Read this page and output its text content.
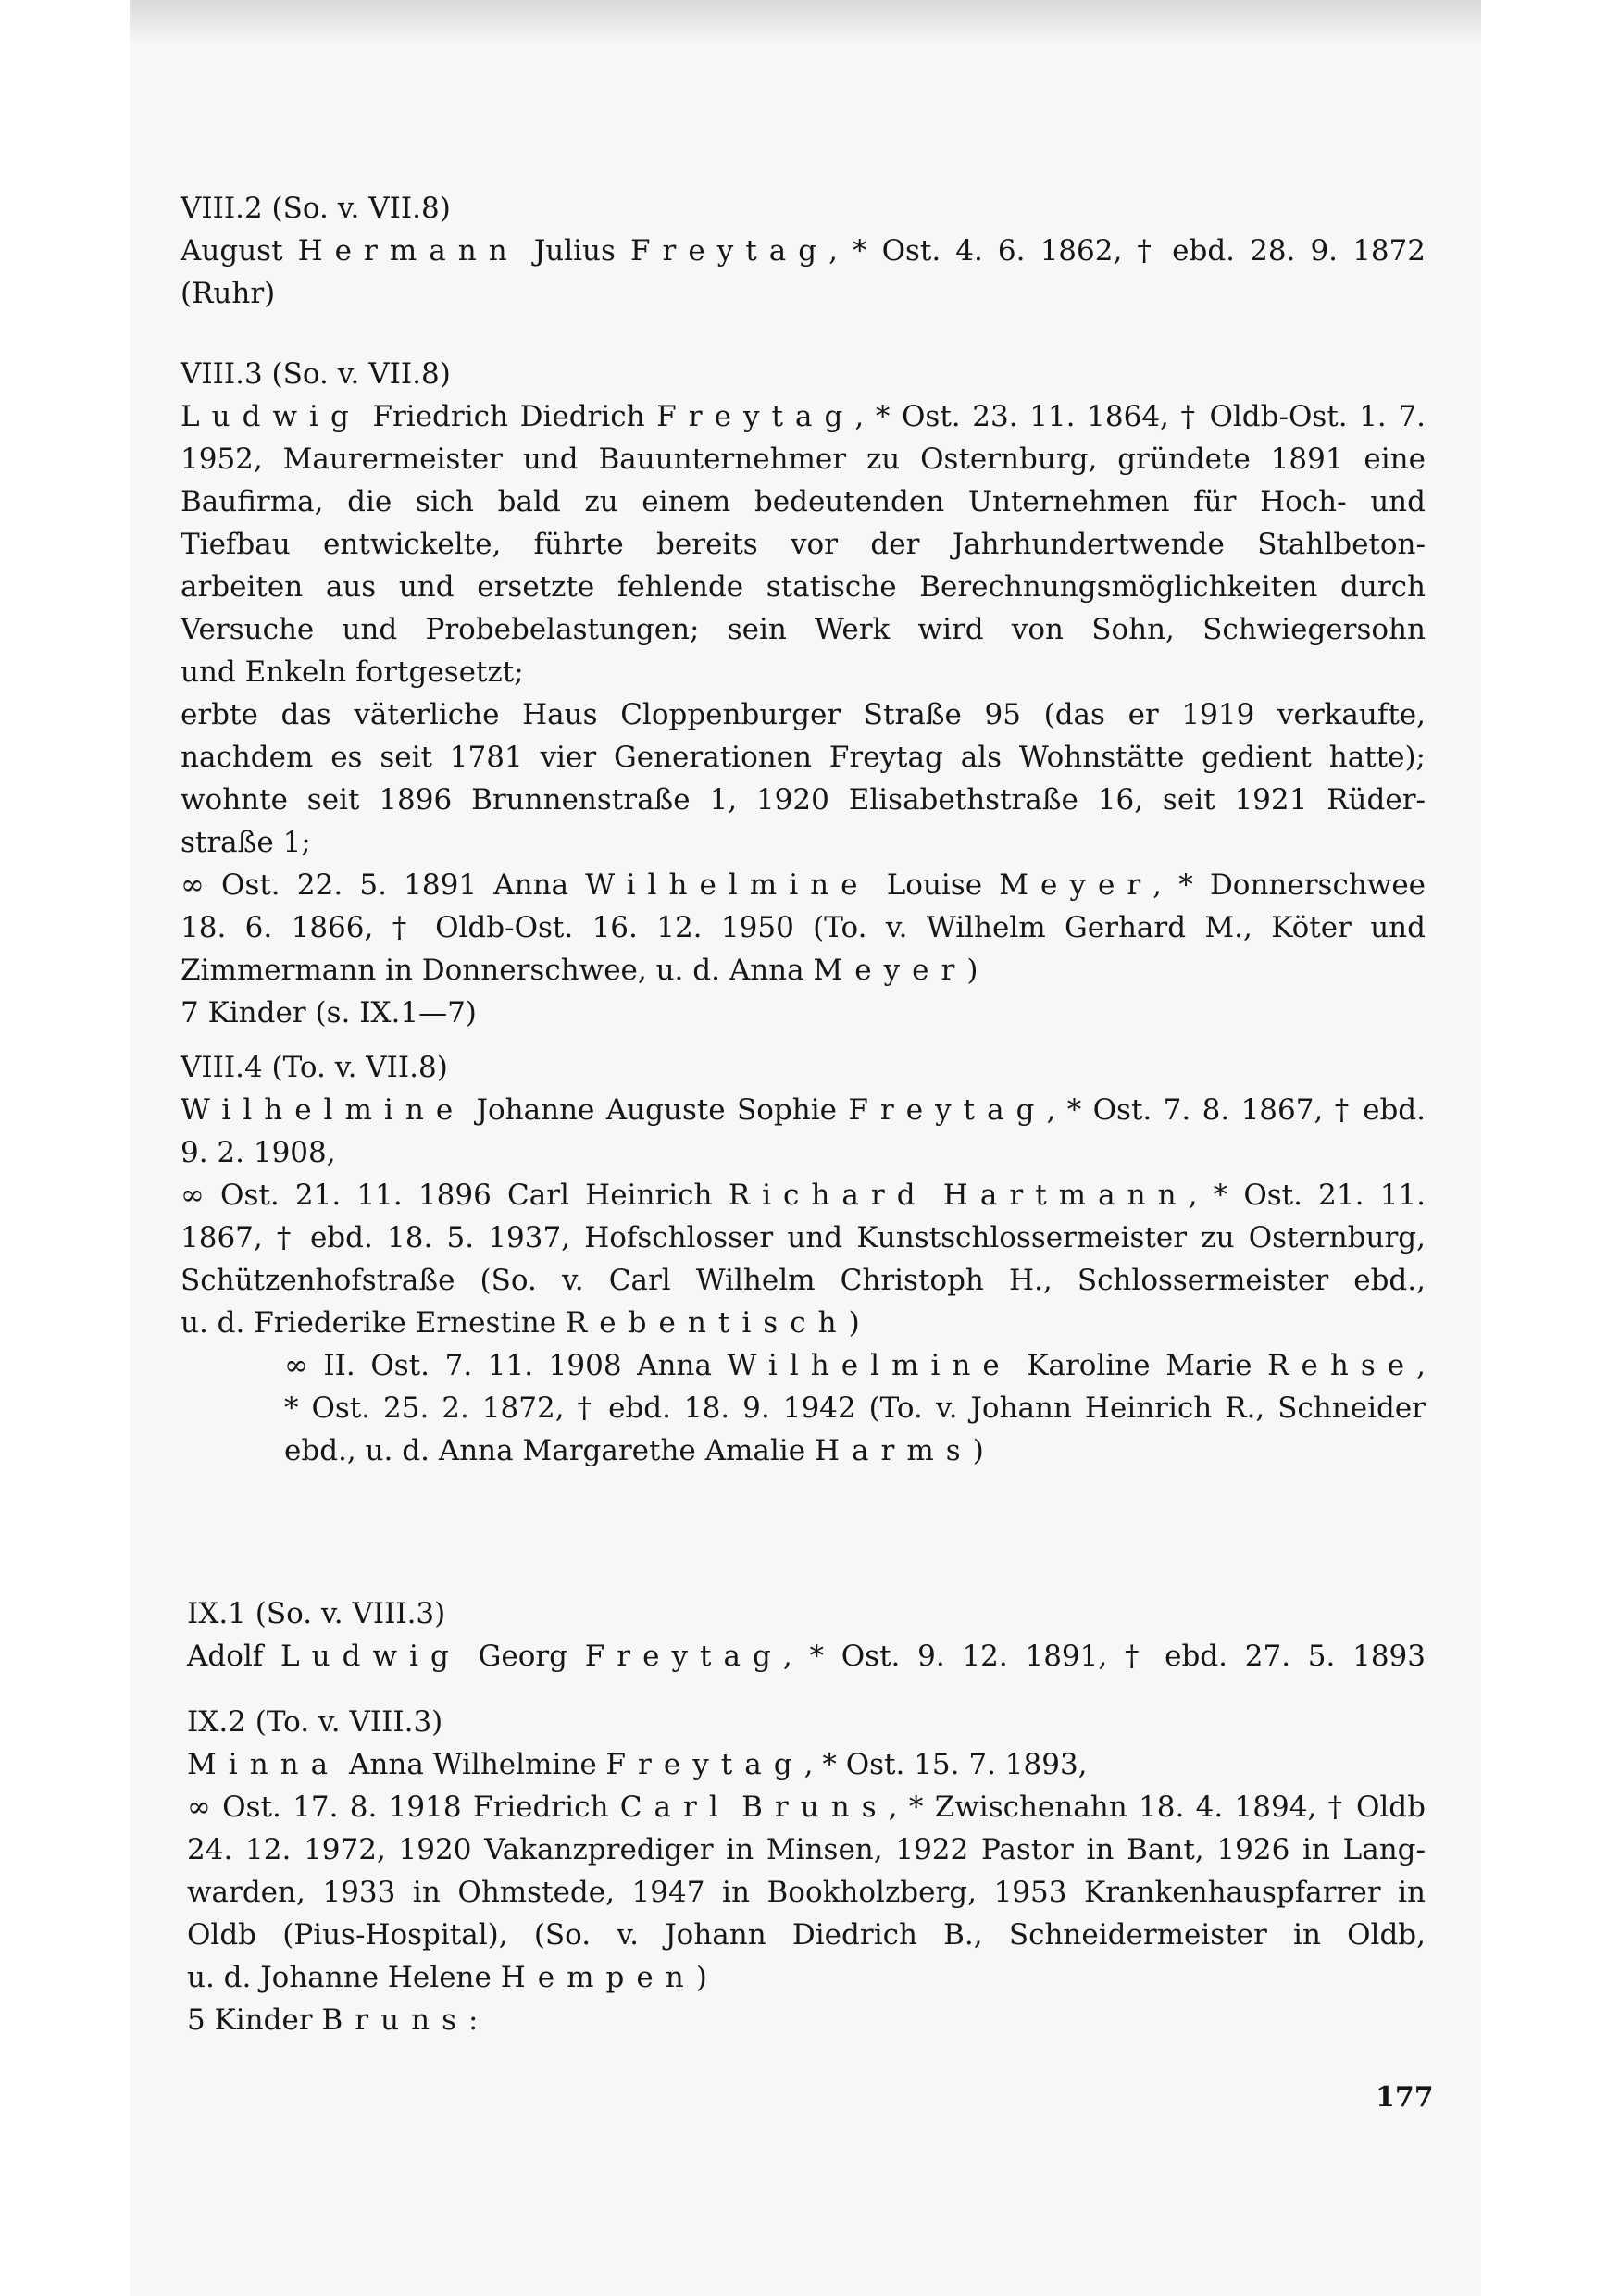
VIII.2 (So. v. VII.8)
August Hermann Julius Freytag, * Ost. 4. 6. 1862, † ebd. 28. 9. 1872
(Ruhr)
VIII.3 (So. v. VII.8)
Ludwig Friedrich Diedrich Freytag, * Ost. 23. 11. 1864, † Oldb-Ost. 1. 7.
1952, Maurermeister und Bauunternehmer zu Osternburg, gründete 1891 eine
Baufirma, die sich bald zu einem bedeutenden Unternehmen für Hoch- und
Tiefbau entwickelte, führte bereits vor der Jahrhundertwende Stahlbeton-
arbeiten aus und ersetzte fehlende statische Berechnungsmöglichkeiten durch
Versuche und Probebelastungen; sein Werk wird von Sohn, Schwiegersohn
und Enkeln fortgesetzt;
erbte das väterliche Haus Cloppenburger Straße 95 (das er 1919 verkaufte,
nachdem es seit 1781 vier Generationen Freytag als Wohnstätte gedient hatte);
wohnte seit 1896 Brunnenstraße 1, 1920 Elisabethstraße 16, seit 1921 Rüder-
straße 1;
∞ Ost. 22. 5. 1891 Anna Wilhelmine Louise Meyer, * Donnerschwee
18. 6. 1866, † Oldb-Ost. 16. 12. 1950 (To. v. Wilhelm Gerhard M., Köter und
Zimmermann in Donnerschwee, u. d. Anna Meyer)
7 Kinder (s. IX.1—7)
VIII.4 (To. v. VII.8)
Wilhelmine Johanne Auguste Sophie Freytag, * Ost. 7. 8. 1867, † ebd.
9. 2. 1908,
∞ Ost. 21. 11. 1896 Carl Heinrich Richard Hartmann, * Ost. 21. 11.
1867, † ebd. 18. 5. 1937, Hofschlosser und Kunstschlossermeister zu Osternburg,
Schützenhofstraße (So. v. Carl Wilhelm Christoph H., Schlossermeister ebd.,
u. d. Friederike Ernestine Rebentisch)
∞ II. Ost. 7. 11. 1908 Anna Wilhelmine Karoline Marie Rehse,
* Ost. 25. 2. 1872, † ebd. 18. 9. 1942 (To. v. Johann Heinrich R., Schneider
ebd., u. d. Anna Margarethe Amalie Harms)
IX.1 (So. v. VIII.3)
Adolf Ludwig Georg Freytag, * Ost. 9. 12. 1891, † ebd. 27. 5. 1893
IX.2 (To. v. VIII.3)
Minna Anna Wilhelmine Freytag, * Ost. 15. 7. 1893,
∞ Ost. 17. 8. 1918 Friedrich Carl Bruns, * Zwischenahn 18. 4. 1894, † Oldb
24. 12. 1972, 1920 Vakanzprediger in Minsen, 1922 Pastor in Bant, 1926 in Lang-
warden, 1933 in Ohmstede, 1947 in Bookholzberg, 1953 Krankenhauspfarrer in
Oldb (Pius-Hospital), (So. v. Johann Diedrich B., Schneidermeister in Oldb,
u. d. Johanne Helene Hempen)
5 Kinder Bruns:
177
